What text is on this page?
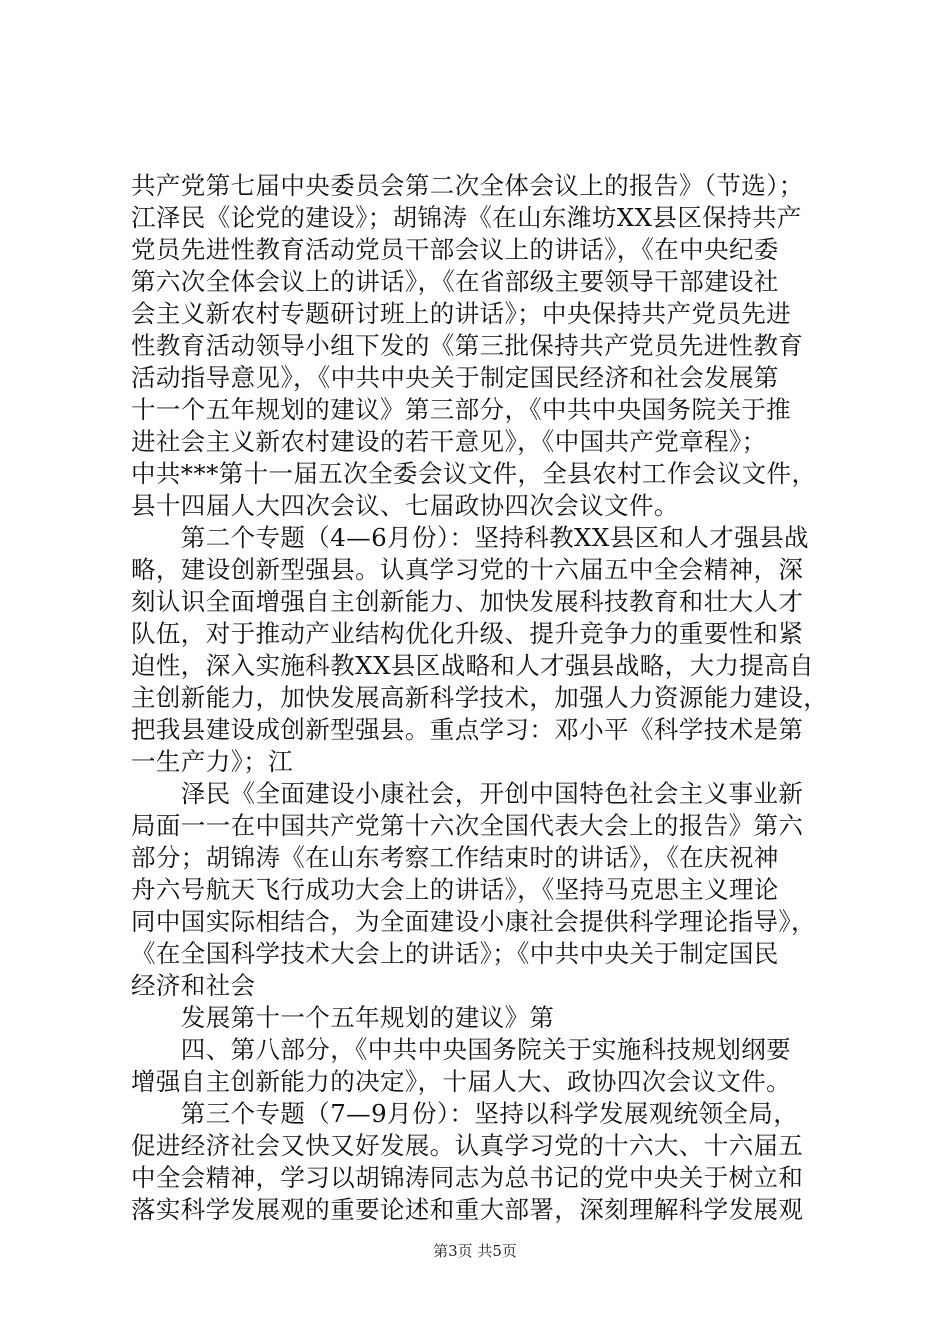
共产党第七届中央委员会第二次全体会议上的报告》（节选）；
江泽民《论党的建设》；胡锦涛《在山东潍坊XX县区保持共产
党员先进性教育活动党员干部会议上的讲话》，《在中央纪委
第六次全体会议上的讲话》，《在省部级主要领导干部建设社
会主义新农村专题研讨班上的讲话》；中央保持共产党员先进
性教育活动领导小组下发的《第三批保持共产党员先进性教育
活动指导意见》，《中共中央关于制定国民经济和社会发展第
十一个五年规划的建议》第三部分，《中共中央国务院关于推
进社会主义新农村建设的若干意见》，《中国共产党章程》；
中共***第十一届五次全委会议文件，全县农村工作会议文件，
县十四届人大四次会议、七届政协四次会议文件。
　　第二个专题（4—6月份）：坚持科教XX县区和人才强县战
略，建设创新型强县。认真学习党的十六届五中全会精神，深
刻认识全面增强自主创新能力、加快发展科技教育和壮大人才
队伍，对于推动产业结构优化升级、提升竞争力的重要性和紧
迫性，深入实施科教XX县区战略和人才强县战略，大力提高自
主创新能力，加快发展高新科学技术，加强人力资源能力建设，
把我县建设成创新型强县。重点学习：邓小平《科学技术是第
一生产力》；江
　　泽民《全面建设小康社会，开创中国特色社会主义事业新
局面一一在中国共产党第十六次全国代表大会上的报告》第六
部分；胡锦涛《在山东考察工作结束时的讲话》，《在庆祝神
舟六号航天飞行成功大会上的讲话》，《坚持马克思主义理论
同中国实际相结合，为全面建设小康社会提供科学理论指导》，
《在全国科学技术大会上的讲话》；《中共中央关于制定国民
经济和社会
　　发展第十一个五年规划的建议》第
　　四、第八部分，《中共中央国务院关于实施科技规划纲要
增强自主创新能力的决定》，十届人大、政协四次会议文件。
　　第三个专题（7—9月份）：坚持以科学发展观统领全局，
促进经济社会又快又好发展。认真学习党的十六大、十六届五
中全会精神，学习以胡锦涛同志为总书记的党中央关于树立和
落实科学发展观的重要论述和重大部署，深刻理解科学发展观
第3页 共5页
